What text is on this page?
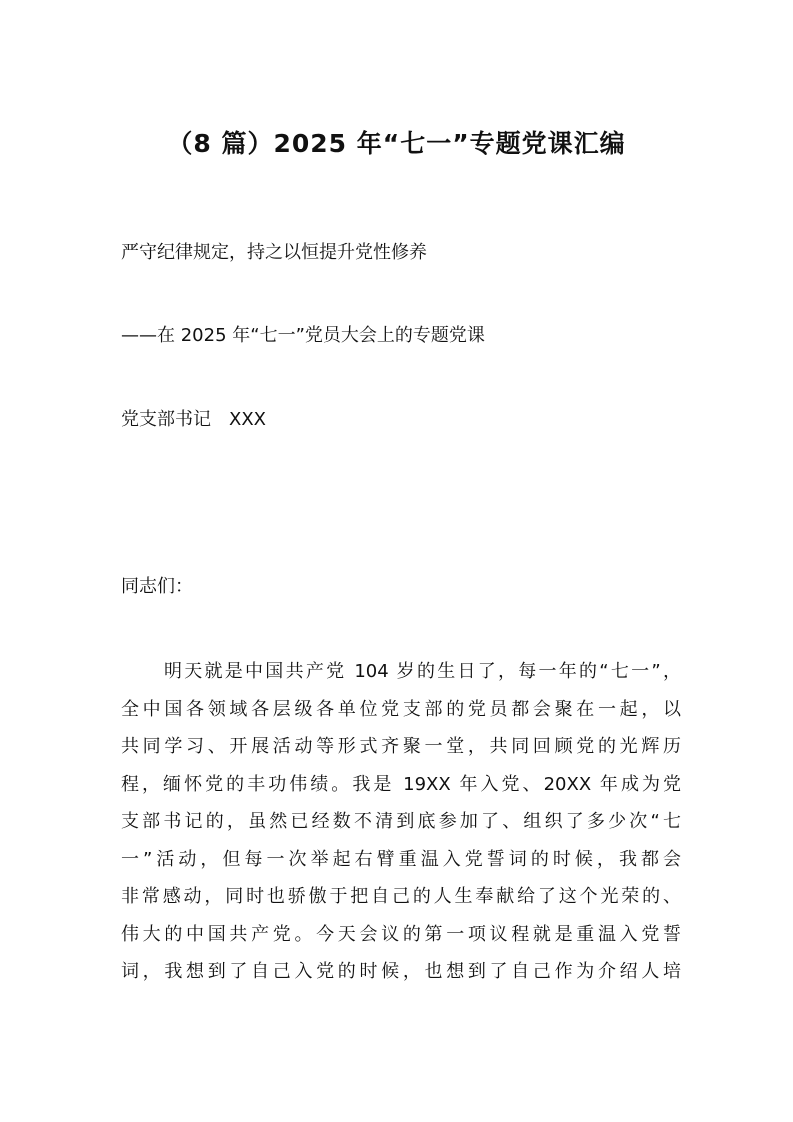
（8 篇）2025 年“七一”专题党课汇编
严守纪律规定，持之以恒提升党性修养
——在 2025 年“七一”党员大会上的专题党课
党支部书记　XXX
同志们：
明天就是中国共产党 104 岁的生日了，每一年的“七一”，
全中国各领域各层级各单位党支部的党员都会聚在一起，以
共同学习、开展活动等形式齐聚一堂，共同回顾党的光辉历
程，缅怀党的丰功伟绩。我是 19XX 年入党、20XX 年成为党
支部书记的，虽然已经数不清到底参加了、组织了多少次“七
一”活动，但每一次举起右臂重温入党誓词的时候，我都会
非常感动，同时也骄傲于把自己的人生奉献给了这个光荣的、
伟大的中国共产党。今天会议的第一项议程就是重温入党誓
词，我想到了自己入党的时候，也想到了自己作为介绍人培
